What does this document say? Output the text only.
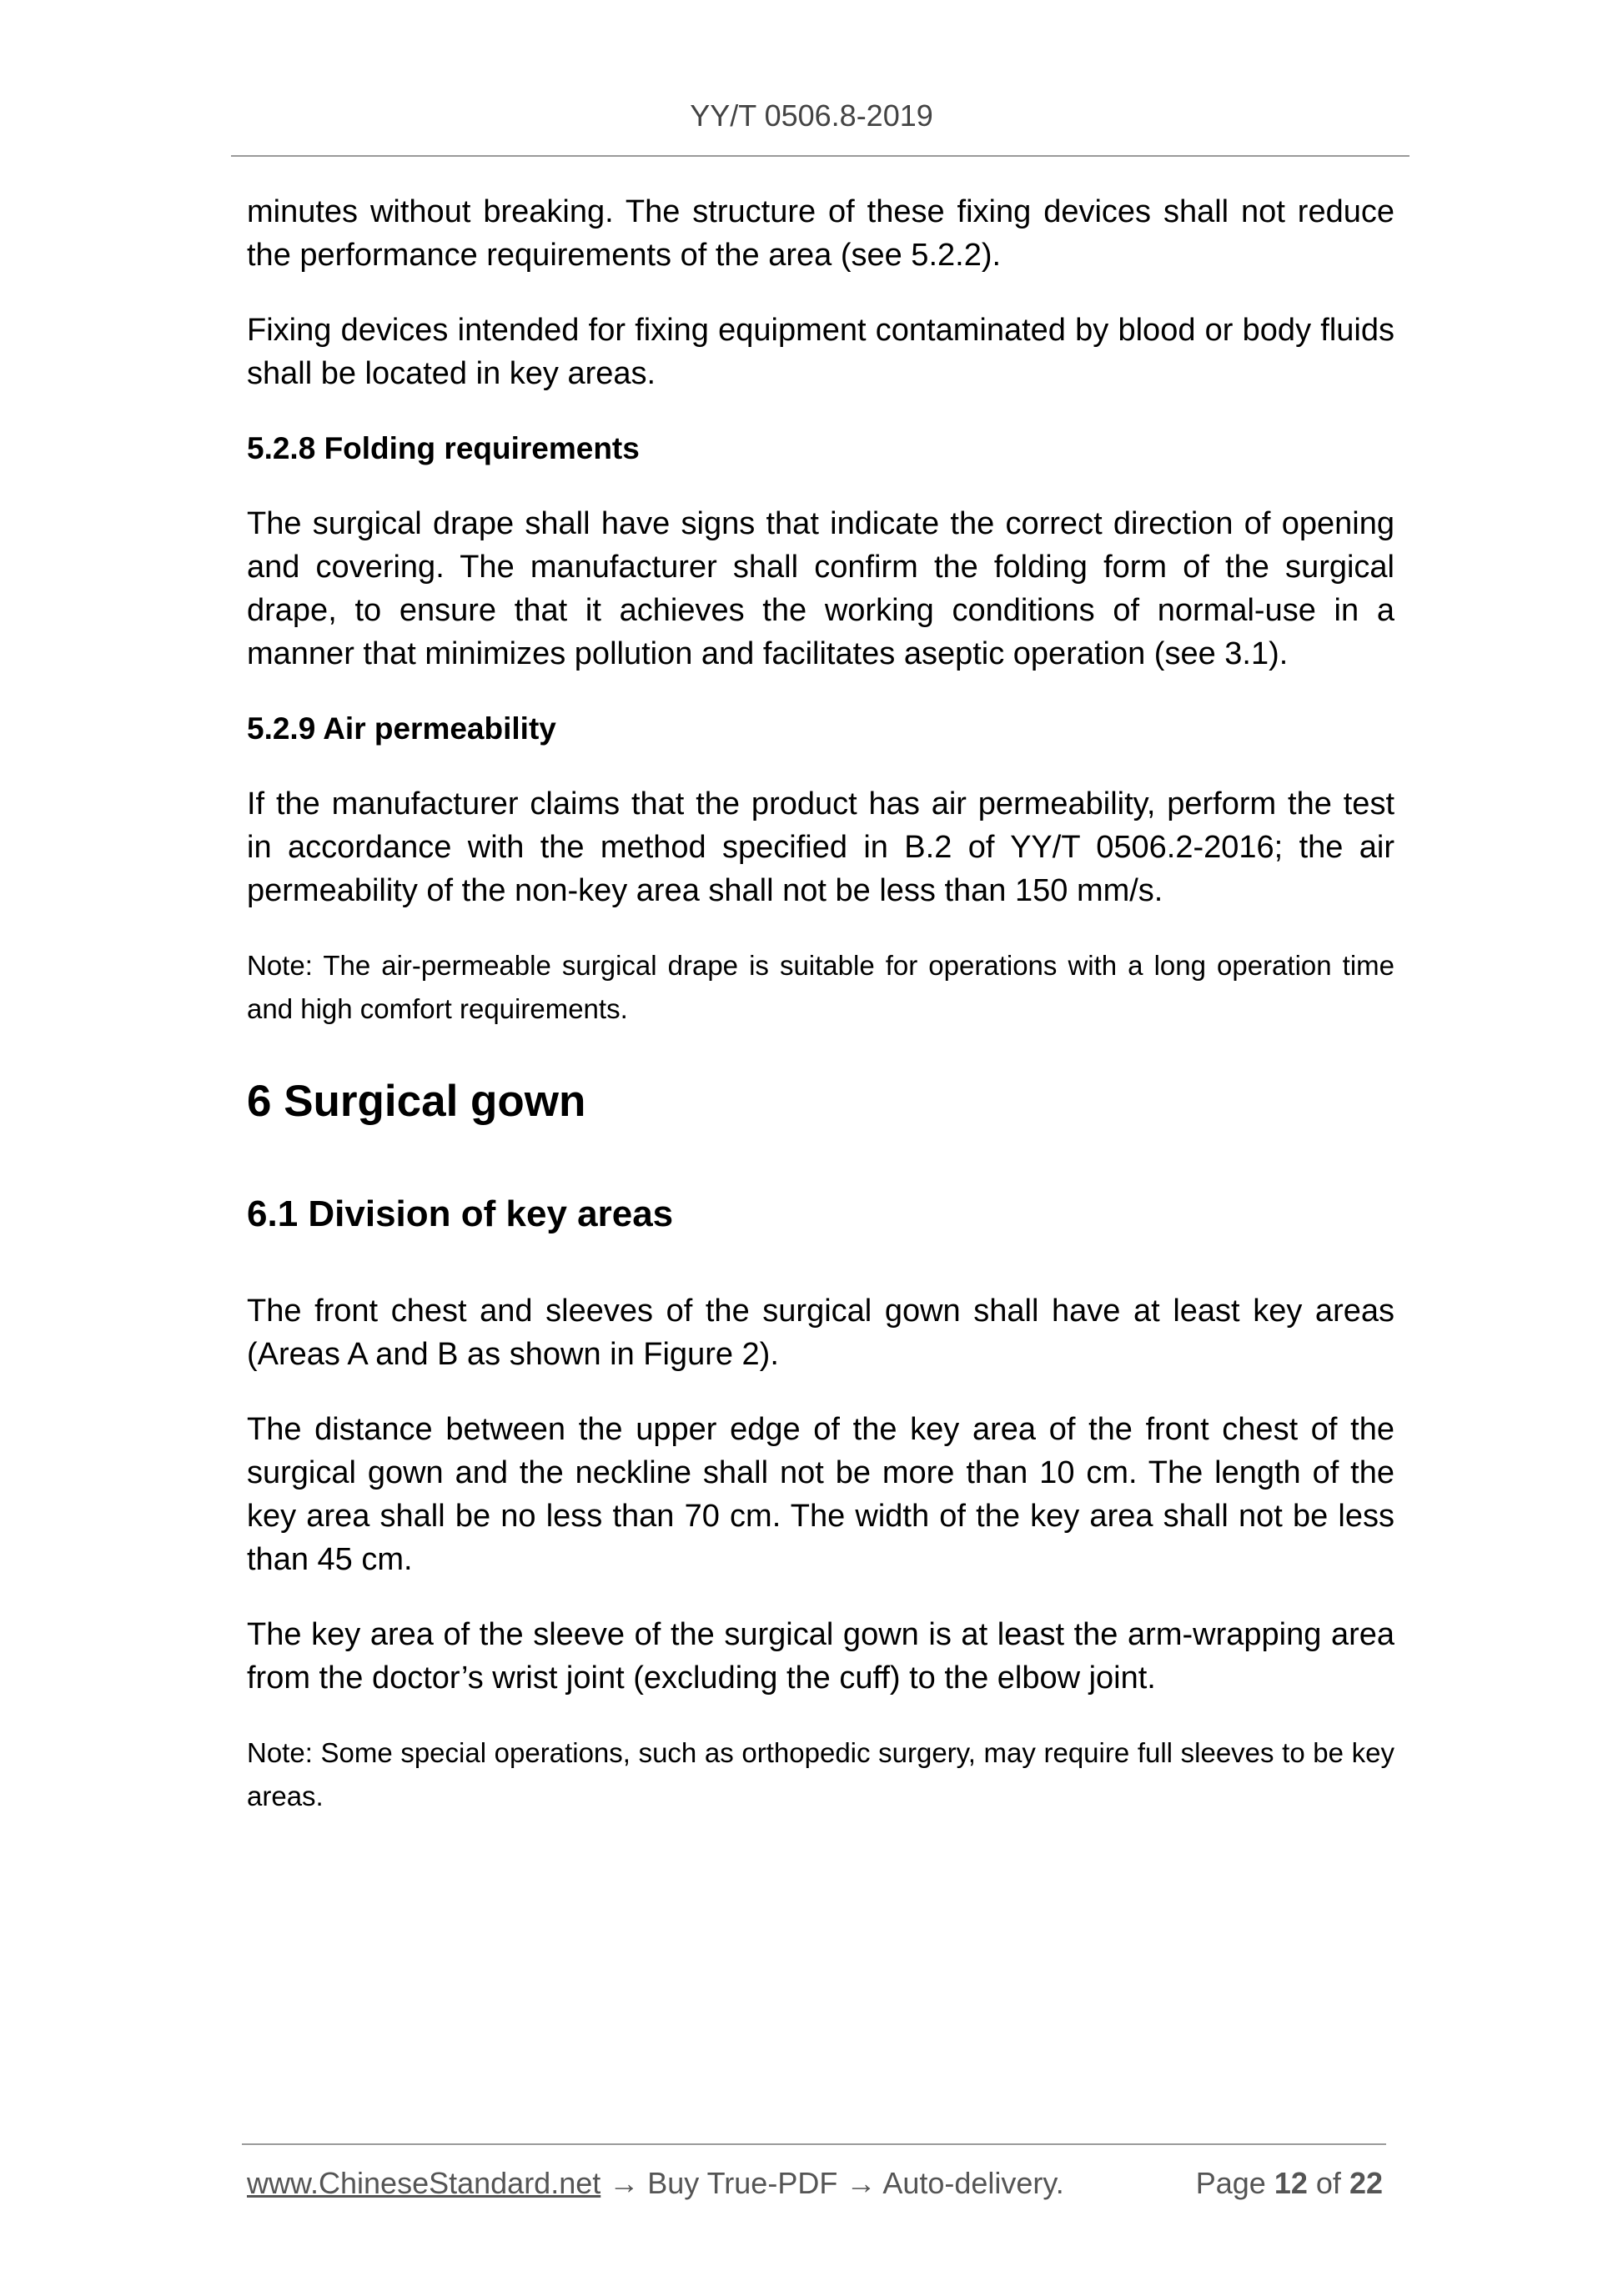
YY/T 0506.8-2019

minutes without breaking. The structure of these fixing devices shall not reduce the performance requirements of the area (see 5.2.2).

Fixing devices intended for fixing equipment contaminated by blood or body fluids shall be located in key areas.

5.2.8 Folding requirements

The surgical drape shall have signs that indicate the correct direction of opening and covering. The manufacturer shall confirm the folding form of the surgical drape, to ensure that it achieves the working conditions of normal-use in a manner that minimizes pollution and facilitates aseptic operation (see 3.1).

5.2.9 Air permeability

If the manufacturer claims that the product has air permeability, perform the test in accordance with the method specified in B.2 of YY/T 0506.2-2016; the air permeability of the non-key area shall not be less than 150 mm/s.

Note: The air-permeable surgical drape is suitable for operations with a long operation time and high comfort requirements.

6 Surgical gown
6.1 Division of key areas

The front chest and sleeves of the surgical gown shall have at least key areas (Areas A and B as shown in Figure 2).

The distance between the upper edge of the key area of the front chest of the surgical gown and the neckline shall not be more than 10 cm. The length of the key area shall be no less than 70 cm. The width of the key area shall not be less than 45 cm.

The key area of the sleeve of the surgical gown is at least the arm-wrapping area from the doctor’s wrist joint (excluding the cuff) to the elbow joint.

Note: Some special operations, such as orthopedic surgery, may require full sleeves to be key areas.

www.ChineseStandard.net → Buy True-PDF → Auto-delivery.	Page 12 of 22
